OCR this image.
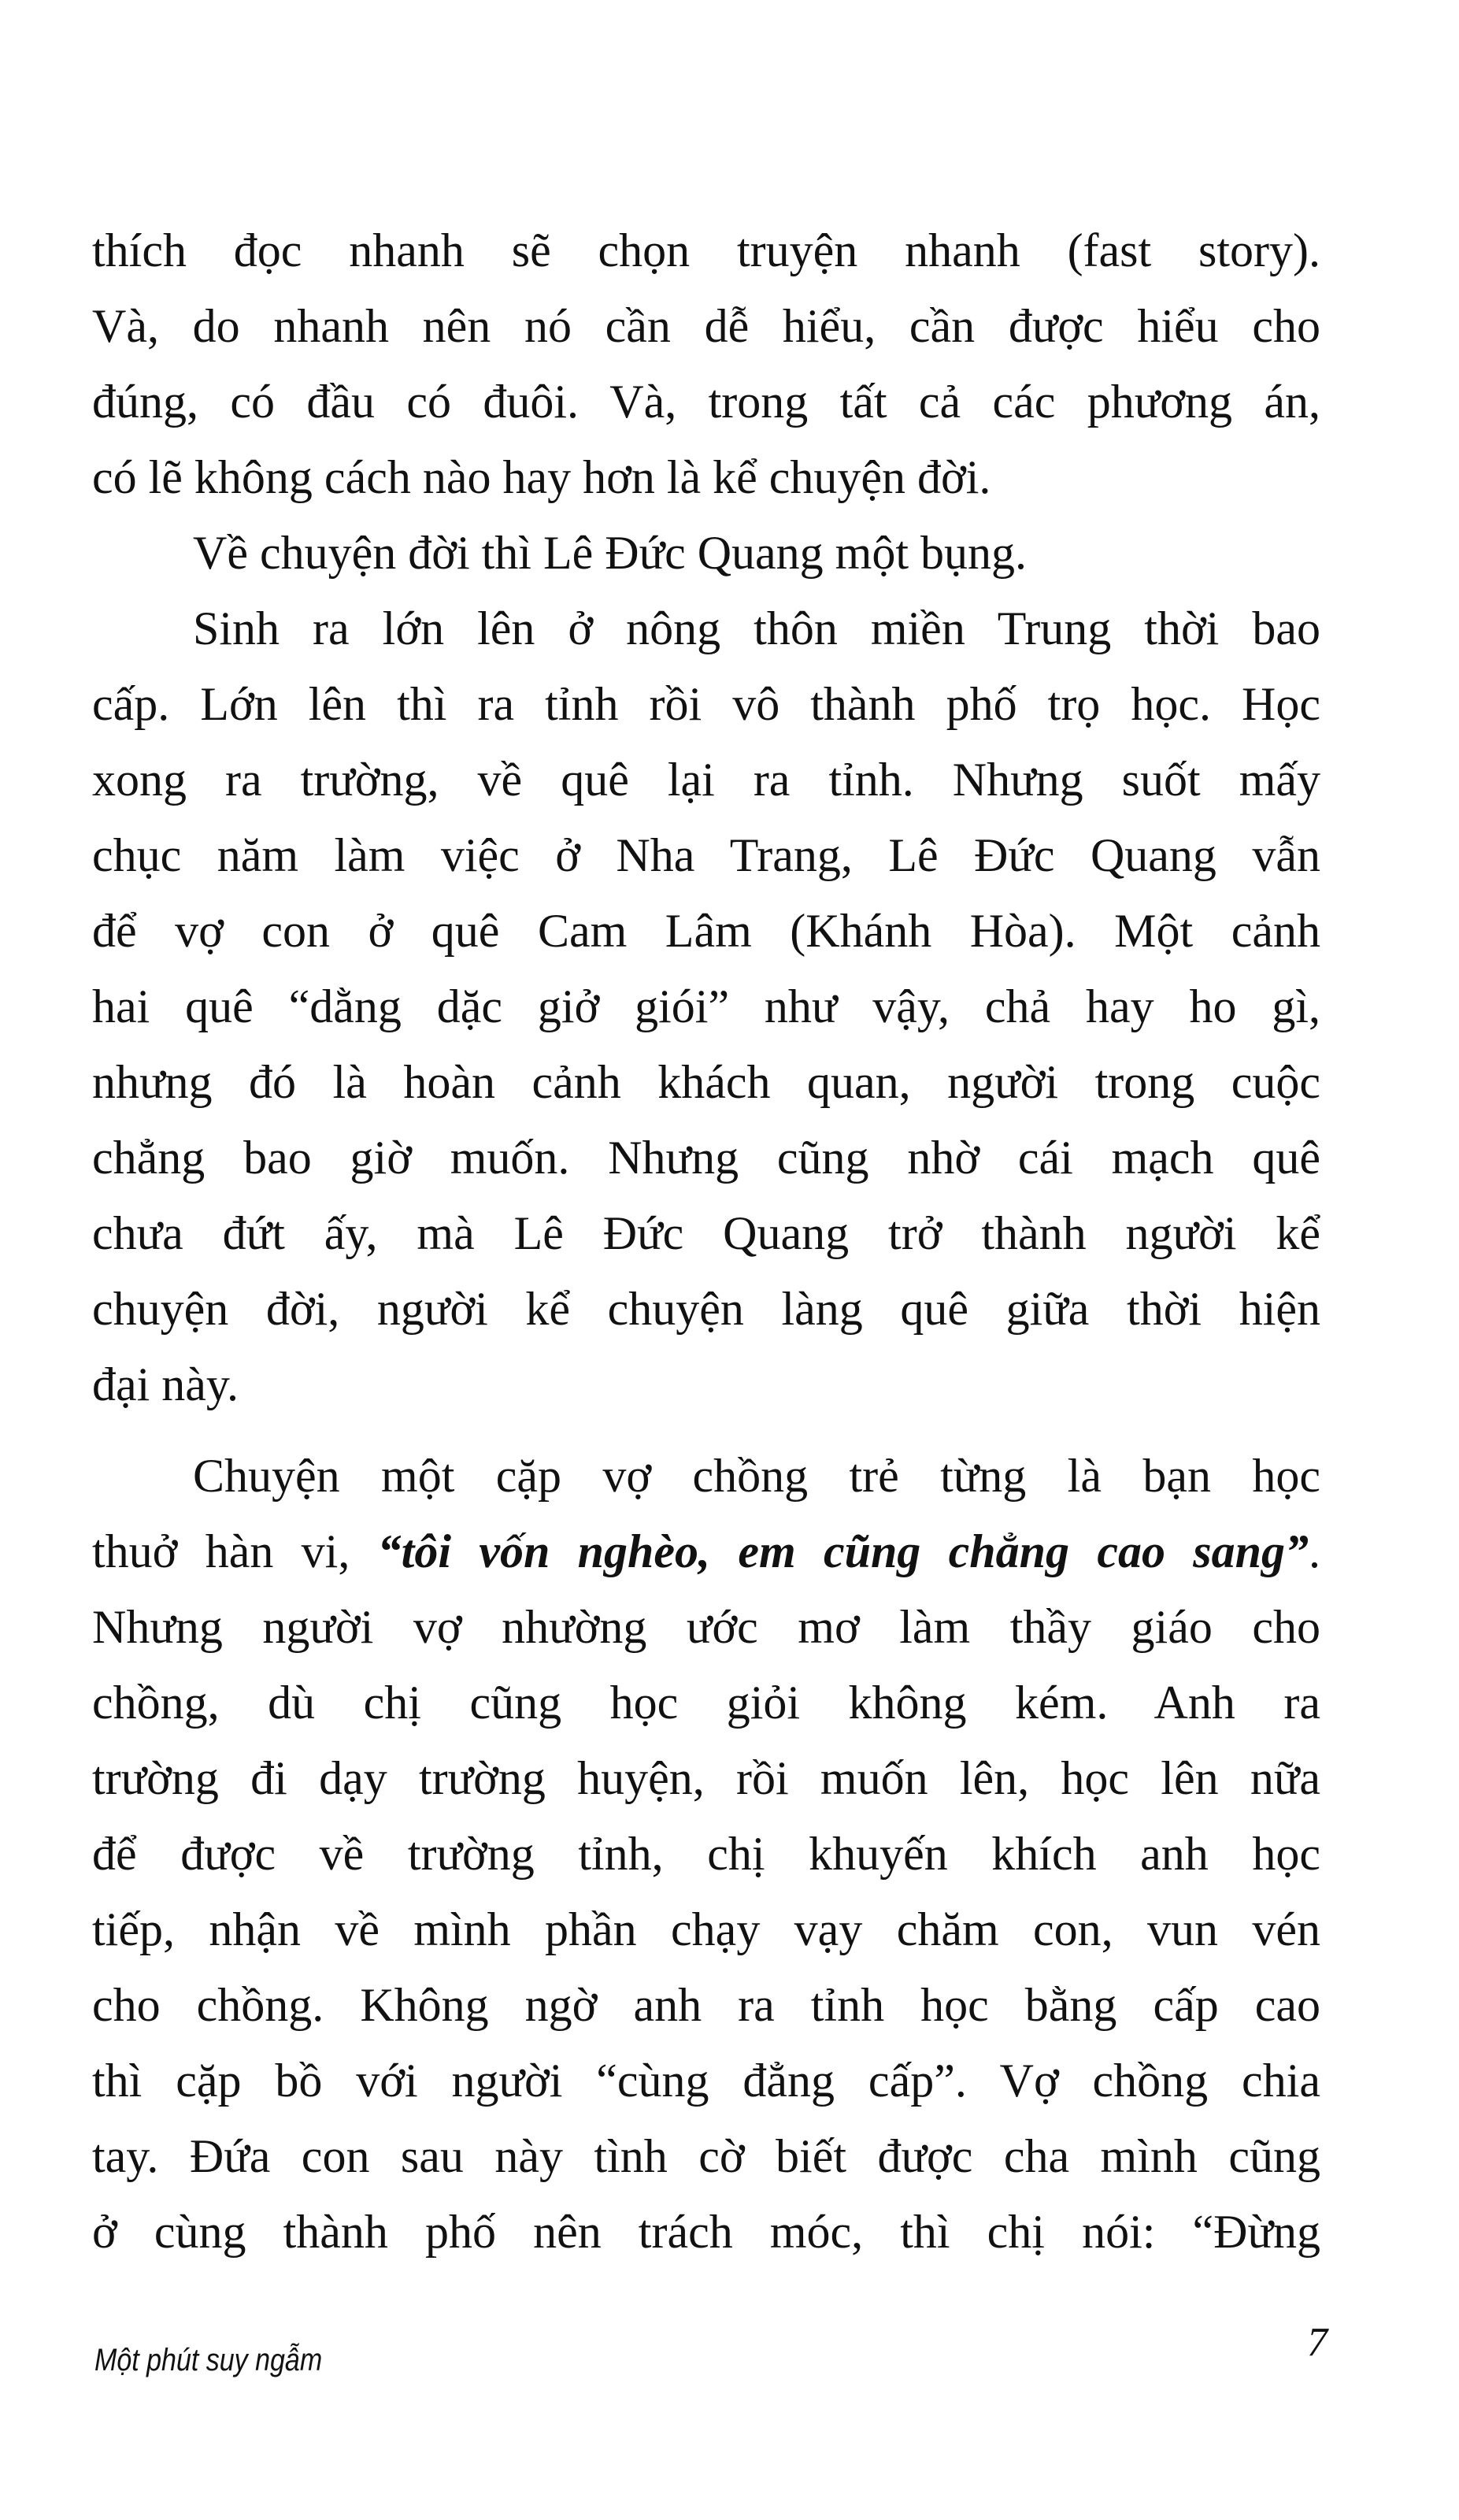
thích đọc nhanh sẽ chọn truyện nhanh (fast story).
Và, do nhanh nên nó cần dễ hiểu, cần được hiểu cho
đúng, có đầu có đuôi. Và, trong tất cả các phương án,
có lẽ không cách nào hay hơn là kể chuyện đời.
Về chuyện đời thì Lê Đức Quang một bụng.
Sinh ra lớn lên ở nông thôn miền Trung thời bao
cấp. Lớn lên thì ra tỉnh rồi vô thành phố trọ học. Học
xong ra trường, về quê lại ra tỉnh. Nhưng suốt mấy
chục năm làm việc ở Nha Trang, Lê Đức Quang vẫn
để vợ con ở quê Cam Lâm (Khánh Hòa). Một cảnh
hai quê “dằng dặc giở giói” như vậy, chả hay ho gì,
nhưng đó là hoàn cảnh khách quan, người trong cuộc
chẳng bao giờ muốn. Nhưng cũng nhờ cái mạch quê
chưa đứt ấy, mà Lê Đức Quang trở thành người kể
chuyện đời, người kể chuyện làng quê giữa thời hiện
đại này.
Chuyện một cặp vợ chồng trẻ từng là bạn học
thuở hàn vi, “tôi vốn nghèo, em cũng chẳng cao sang”.
Nhưng người vợ nhường ước mơ làm thầy giáo cho
chồng, dù chị cũng học giỏi không kém. Anh ra
trường đi dạy trường huyện, rồi muốn lên, học lên nữa
để được về trường tỉnh, chị khuyến khích anh học
tiếp, nhận về mình phần chạy vạy chăm con, vun vén
cho chồng. Không ngờ anh ra tỉnh học bằng cấp cao
thì cặp bồ với người “cùng đẳng cấp”. Vợ chồng chia
tay. Đứa con sau này tình cờ biết được cha mình cũng
ở cùng thành phố nên trách móc, thì chị nói: “Đừng
Một phút suy ngẫm	7
